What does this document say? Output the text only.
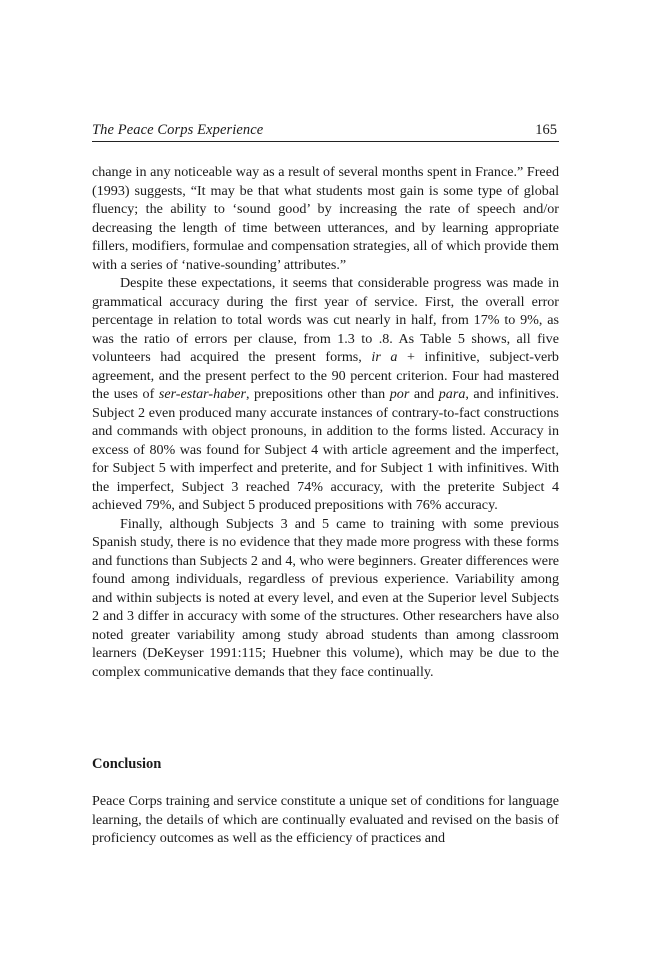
The Peace Corps Experience	165

change in any noticeable way as a result of several months spent in France.” Freed (1993) suggests, “It may be that what students most gain is some type of global fluency; the ability to ‘sound good’ by increasing the rate of speech and/or decreasing the length of time between utterances, and by learning appropriate fillers, modifiers, formulae and compensation strategies, all of which provide them with a series of ‘native-sounding’ attributes.”

Despite these expectations, it seems that considerable progress was made in grammatical accuracy during the first year of service. First, the overall error percentage in relation to total words was cut nearly in half, from 17% to 9%, as was the ratio of errors per clause, from 1.3 to .8. As Table 5 shows, all five volunteers had acquired the present forms, ir a + infinitive, subject-verb agreement, and the present perfect to the 90 percent criterion. Four had mastered the uses of ser-estar-haber, prepositions other than por and para, and infinitives. Subject 2 even produced many accurate instances of contrary-to-fact constructions and commands with object pronouns, in addition to the forms listed. Accuracy in excess of 80% was found for Subject 4 with article agreement and the imperfect, for Subject 5 with imperfect and preterite, and for Subject 1 with infinitives. With the imperfect, Subject 3 reached 74% accuracy, with the preterite Subject 4 achieved 79%, and Subject 5 produced prepositions with 76% accuracy.

Finally, although Subjects 3 and 5 came to training with some previous Spanish study, there is no evidence that they made more progress with these forms and functions than Subjects 2 and 4, who were beginners. Greater differences were found among individuals, regardless of previous experience. Variability among and within subjects is noted at every level, and even at the Superior level Subjects 2 and 3 differ in accuracy with some of the structures. Other researchers have also noted greater variability among study abroad students than among classroom learners (DeKeyser 1991:115; Huebner this volume), which may be due to the complex communicative demands that they face continually.

Conclusion

Peace Corps training and service constitute a unique set of conditions for language learning, the details of which are continually evaluated and revised on the basis of proficiency outcomes as well as the efficiency of practices and
